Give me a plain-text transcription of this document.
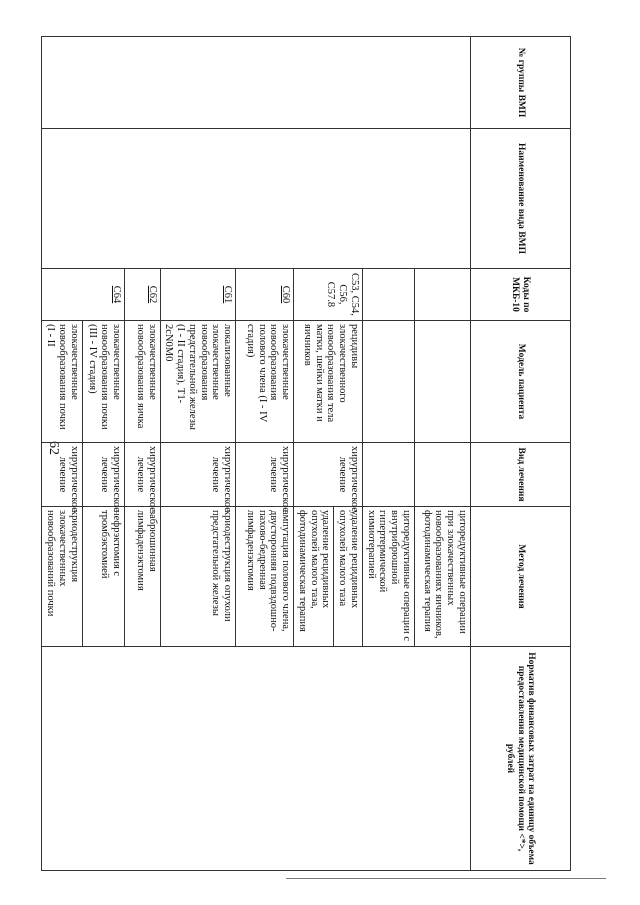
62
№ группы ВМП	Наименование вида ВМП	Коды по МКБ-10	Модель пациента	Вид лечения	Метод лечения	Норматив финансовых затрат на единицу объема предоставления медицинской помощи <*>, рублей
					циторедуктивные операции при злокачественных новообразованиях яичников, фотодинамическая терапия	
					циторедуктивные операции с внутрибрюшной гипертермической химиотерапией	
		C53, C54, C56, C57.8	рецидивы злокачественного новообразования тела матки, шейки матки и яичников	хирургическое лечение	удаление рецидивных опухолей малого таза	
					удаление рецидивных опухолей малого таза, фотодинамическая терапия	
		C60	злокачественные новообразования полового члена (I - IV стадия)	хирургическое лечение	ампутация полового члена, двусторонняя подвздошно-пахово-бедренная лимфаденэктомия	
		C61	локализованные злокачественные новообразования предстательной железы (I - II стадия), T1-2cN0M0	хирургическое лечение	криодеструкция опухоли предстательной железы	
		C62	злокачественные новообразования яичка	хирургическое лечение	забрюшинная лимфаденэктомия	
		C64	злокачественные новообразования почки (III - IV стадия)	хирургическое лечение	нефрэктомия с тромбэктомией	
			злокачественные новообразования почки (I - II	хирургическое лечение	криодеструкция злокачественных новообразований почки	
